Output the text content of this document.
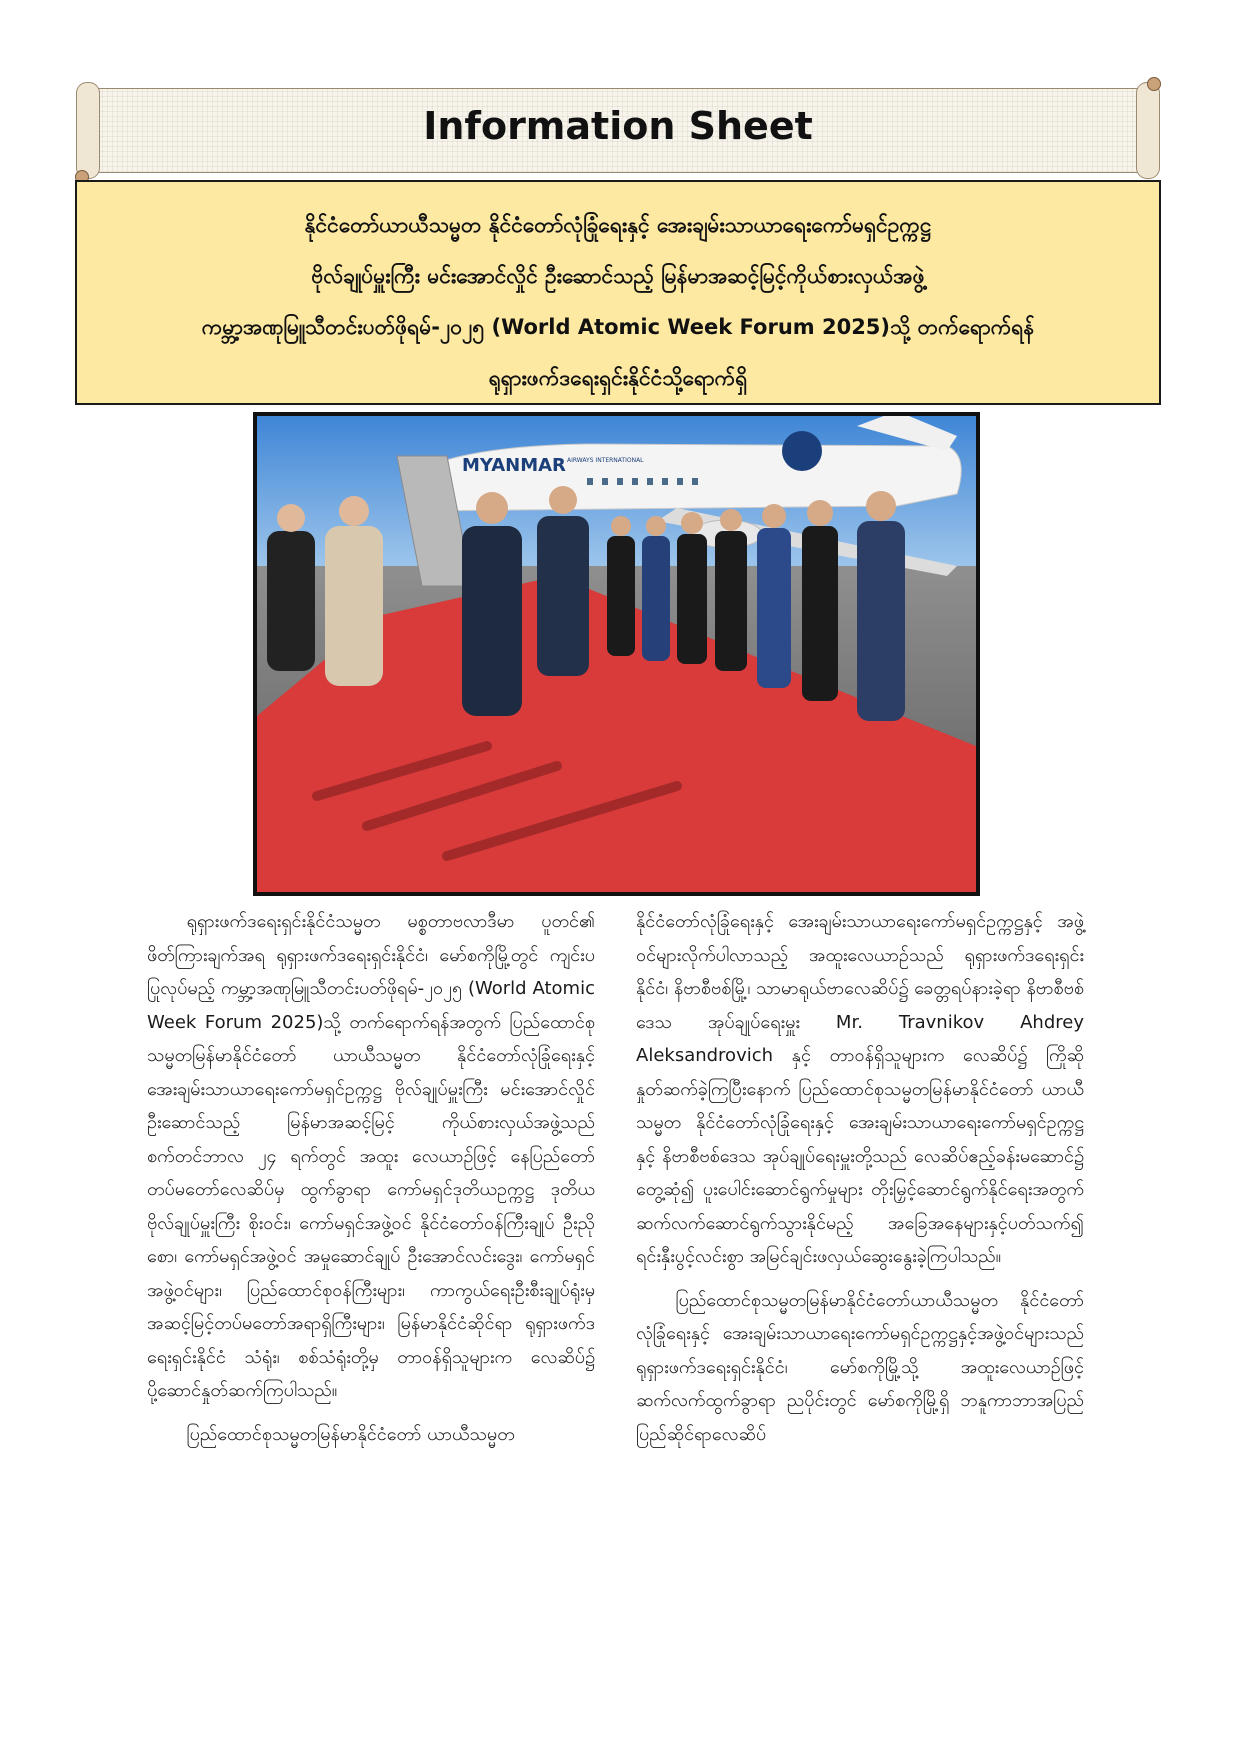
Information Sheet

နိုင်ငံတော်ယာယီသမ္မတ နိုင်ငံတော်လုံခြုံရေးနှင့် အေးချမ်းသာယာရေးကော်မရှင်ဥက္ကဋ္ဌ

ဗိုလ်ချုပ်မှူးကြီး မင်းအောင်လှိုင် ဦးဆောင်သည့် မြန်မာအဆင့်မြင့်ကိုယ်စားလှယ်အဖွဲ့

ကမ္ဘာ့အဏုမြူသီတင်းပတ်ဖိုရမ်-၂၀၂၅ (World Atomic Week Forum 2025)သို့ တက်ရောက်ရန်

ရုရှားဖက်ဒရေးရှင်းနိုင်ငံသို့ရောက်ရှိ

MYANMAR AIRWAYS INTERNATIONAL

ရုရှားဖက်ဒရေးရှင်းနိုင်ငံသမ္မတ မစ္စတာဗလာဒီမာ ပူတင်၏ ဖိတ်ကြားချက်အရ ရုရှားဖက်ဒရေးရှင်းနိုင်ငံ၊ မော်စကိုမြို့တွင် ကျင်းပပြုလုပ်မည့် ကမ္ဘာ့အဏုမြူသီတင်းပတ်ဖိုရမ်-၂၀၂၅ (World Atomic Week Forum 2025)သို့ တက်ရောက်ရန်အတွက် ပြည်ထောင်စုသမ္မတမြန်မာနိုင်ငံတော် ယာယီသမ္မတ နိုင်ငံတော်လုံခြုံရေးနှင့် အေးချမ်းသာယာရေးကော်မရှင်ဥက္ကဋ္ဌ ဗိုလ်ချုပ်မှူးကြီး မင်းအောင်လှိုင် ဦးဆောင်သည့် မြန်မာအဆင့်မြင့် ကိုယ်စားလှယ်အဖွဲ့သည် စက်တင်ဘာလ ၂၄ ရက်တွင် အထူး လေယာဉ်ဖြင့် နေပြည်တော် တပ်မတော်လေဆိပ်မှ ထွက်ခွာရာ ကော်မရှင်ဒုတိယဥက္ကဋ္ဌ ဒုတိယဗိုလ်ချုပ်မှူးကြီး စိုးဝင်း၊ ကော်မရှင်အဖွဲ့ဝင် နိုင်ငံတော်ဝန်ကြီးချုပ် ဦးညိုစော၊ ကော်မရှင်အဖွဲ့ဝင် အမှုဆောင်ချုပ် ဦးအောင်လင်းဒွေး၊ ကော်မရှင်အဖွဲ့ဝင်များ၊ ပြည်ထောင်စုဝန်ကြီးများ၊ ကာကွယ်ရေးဦးစီးချုပ်ရုံးမှ အဆင့်မြင့်တပ်မတော်အရာရှိကြီးများ၊ မြန်မာနိုင်ငံဆိုင်ရာ ရုရှားဖက်ဒရေးရှင်းနိုင်ငံ သံရုံး၊ စစ်သံရုံးတို့မှ တာဝန်ရှိသူများက လေဆိပ်၌ ပို့ဆောင်နှုတ်ဆက်ကြပါသည်။

ပြည်ထောင်စုသမ္မတမြန်မာနိုင်ငံတော် ယာယီသမ္မတ

နိုင်ငံတော်လုံခြုံရေးနှင့် အေးချမ်းသာယာရေးကော်မရှင်ဥက္ကဋ္ဌနှင့် အဖွဲ့ဝင်များလိုက်ပါလာသည့် အထူးလေယာဉ်သည် ရုရှားဖက်ဒရေးရှင်းနိုင်ငံ၊ နိဗာစီဗစ်မြို့၊ သာမာရုယ်ဗာလေဆိပ်၌ ခေတ္တရပ်နားခဲ့ရာ နိဗာစီဗစ်ဒေသ အုပ်ချုပ်ရေးမှူး Mr. Travnikov Ahdrey Aleksandrovich နှင့် တာဝန်ရှိသူများက လေဆိပ်၌ ကြိုဆိုနှုတ်ဆက်ခဲ့ကြပြီးနောက် ပြည်ထောင်စုသမ္မတမြန်မာနိုင်ငံတော် ယာယီသမ္မတ နိုင်ငံတော်လုံခြုံရေးနှင့် အေးချမ်းသာယာရေးကော်မရှင်ဥက္ကဋ္ဌနှင့် နိဗာစီဗစ်ဒေသ အုပ်ချုပ်ရေးမှူးတို့သည် လေဆိပ်ဧည့်ခန်းမဆောင်၌ တွေ့ဆုံ၍ ပူးပေါင်းဆောင်ရွက်မှုများ တိုးမြှင့်ဆောင်ရွက်နိုင်ရေးအတွက် ဆက်လက်ဆောင်ရွက်သွားနိုင်မည့် အခြေအနေများနှင့်ပတ်သက်၍ ရင်းနှီးပွင့်လင်းစွာ အမြင်ချင်းဖလှယ်ဆွေးနွေးခဲ့ကြပါသည်။

ပြည်ထောင်စုသမ္မတမြန်မာနိုင်ငံတော်ယာယီသမ္မတ နိုင်ငံတော်လုံခြုံရေးနှင့် အေးချမ်းသာယာရေးကော်မရှင်ဥက္ကဋ္ဌနှင့်အဖွဲ့ဝင်များသည် ရုရှားဖက်ဒရေးရှင်းနိုင်ငံ၊ မော်စကိုမြို့သို့ အထူးလေယာဉ်ဖြင့် ဆက်လက်ထွက်ခွာရာ ညပိုင်းတွင် မော်စကိုမြို့ရှိ ဘနူကာဘာအပြည်ပြည်ဆိုင်ရာလေဆိပ်
